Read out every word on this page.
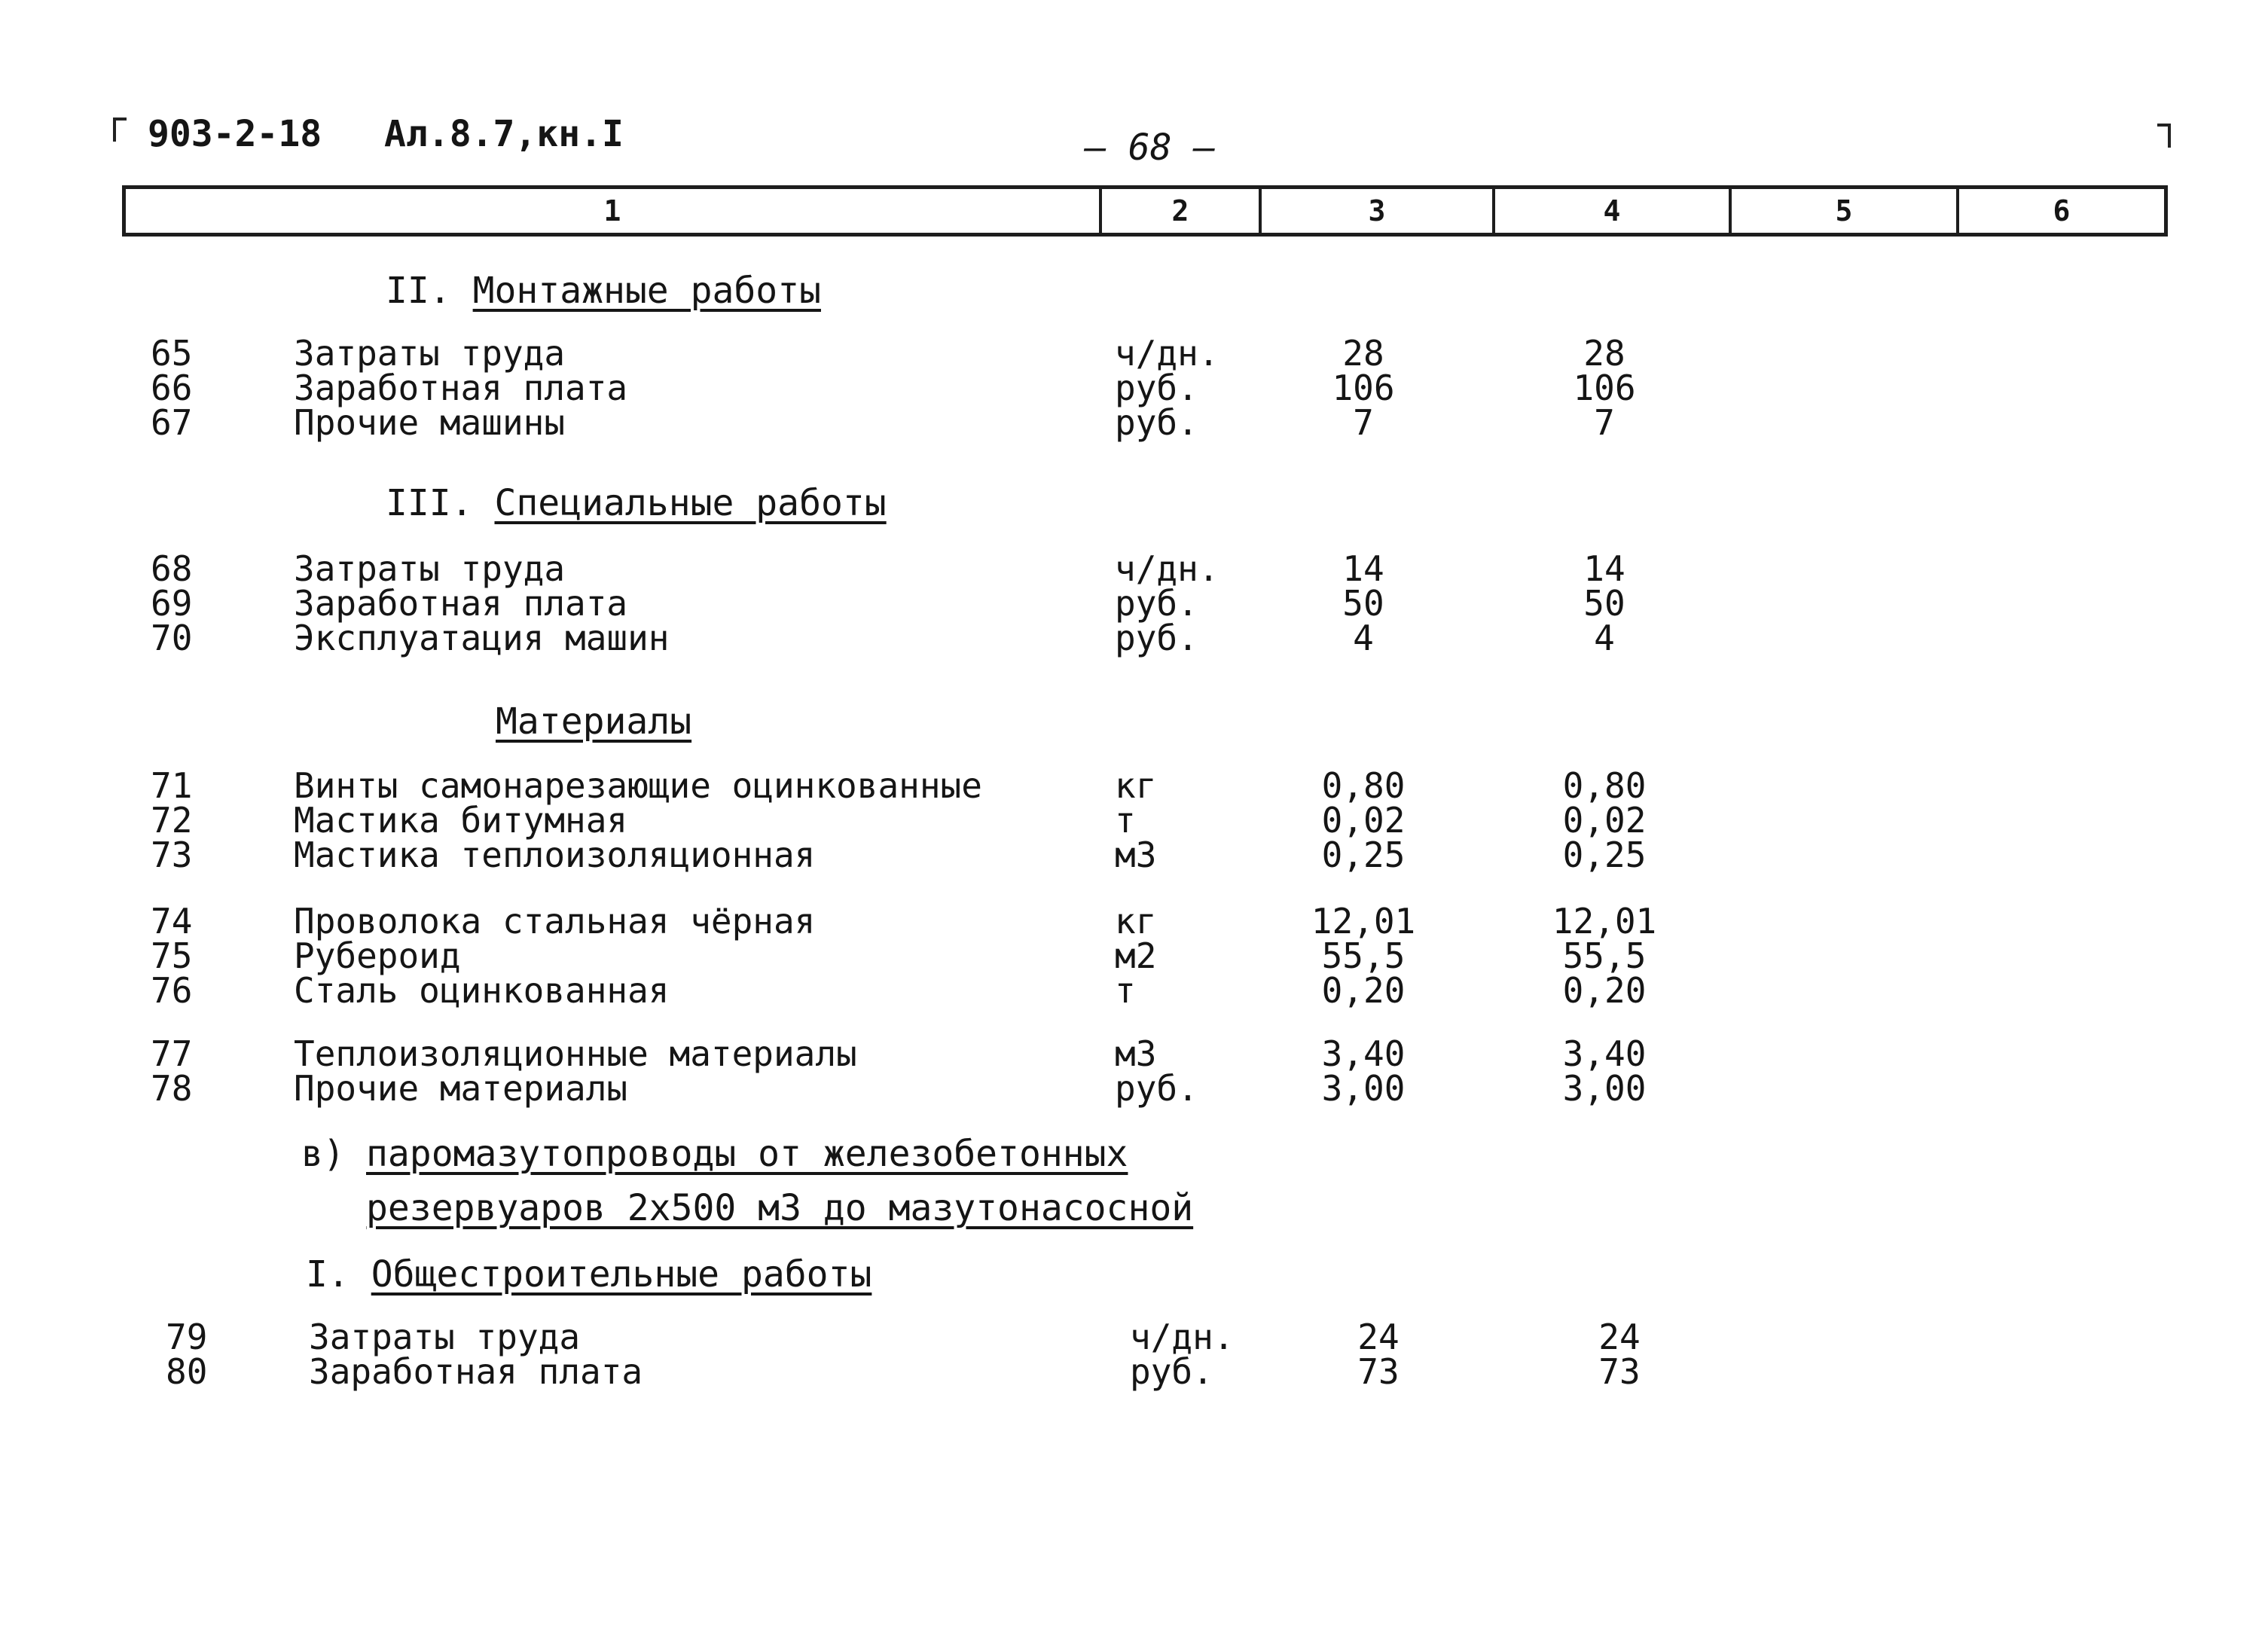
903-2-18 Ал.8.7,кн.I	— 68 —
1	2	3	4	5	6
II. Монтажные работы
65	Затраты труда	ч/дн.	28	28
66	Заработная плата	руб.	106	106
67	Прочие машины	руб.	7	7
III. Специальные работы
68	Затраты труда	ч/дн.	14	14
69	Заработная плата	руб.	50	50
70	Эксплуатация машин	руб.	4	4
Материалы
71	Винты самонарезающие оцинкованные	кг	0,80	0,80
72	Мастика битумная	т	0,02	0,02
73	Мастика теплоизоляционная	м3	0,25	0,25
74	Проволока стальная чёрная	кг	12,01	12,01
75	Рубероид	м2	55,5	55,5
76	Сталь оцинкованная	т	0,20	0,20
77	Теплоизоляционные материалы	м3	3,40	3,40
78	Прочие материалы	руб.	3,00	3,00
в) паромазутопроводы от железобетонных
резервуаров 2х500 м3 до мазутонасосной
I. Общестроительные работы
79	Затраты труда	ч/дн.	24	24
80	Заработная плата	руб.	73	73
